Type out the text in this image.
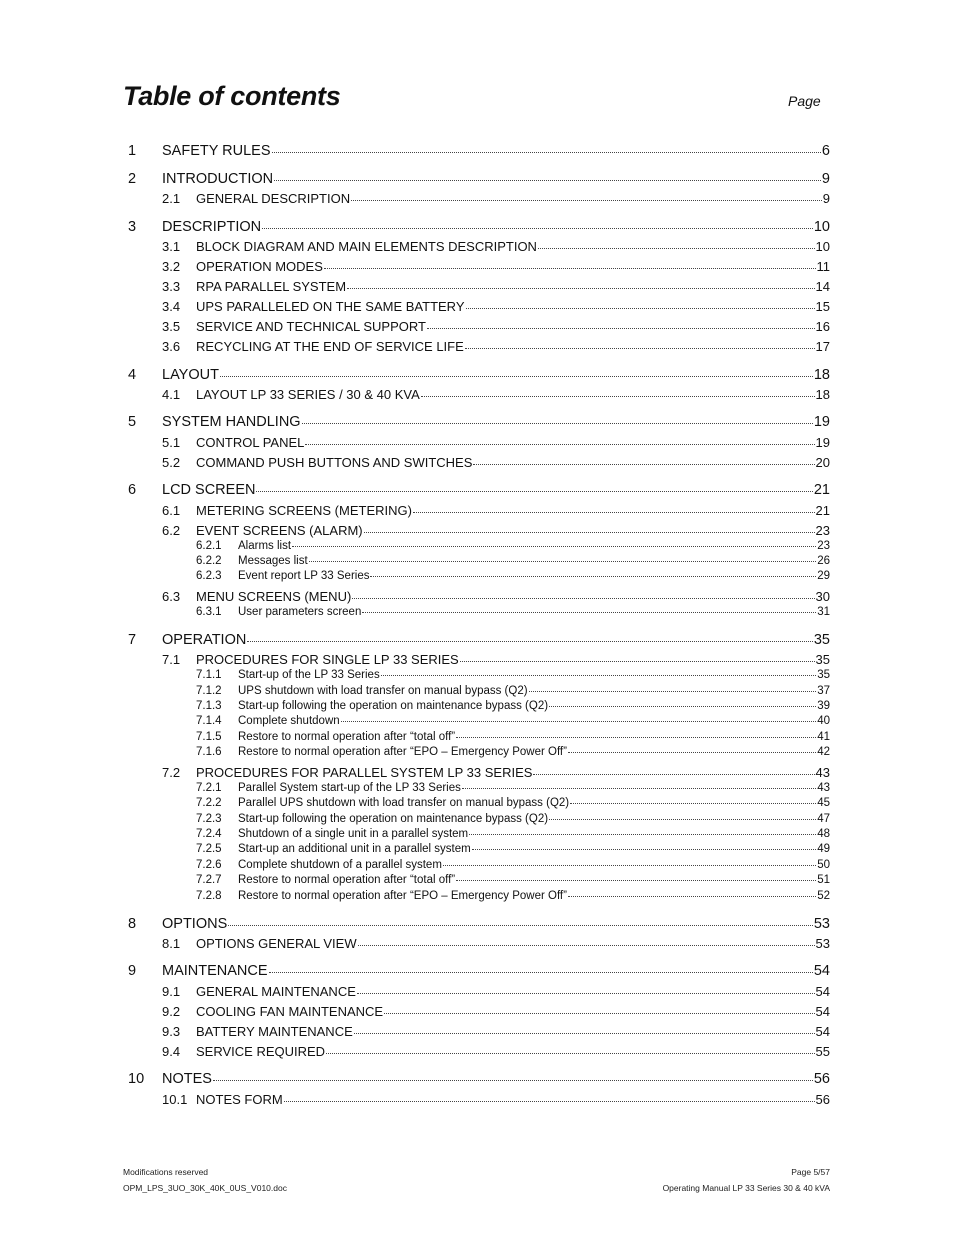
Table of contents	Page
1	SAFETY RULES	6
2	INTRODUCTION	9
2.1	GENERAL DESCRIPTION	9
3	DESCRIPTION	10
3.1	BLOCK DIAGRAM AND MAIN ELEMENTS DESCRIPTION	10
3.2	OPERATION MODES	11
3.3	RPA PARALLEL SYSTEM	14
3.4	UPS PARALLELED ON THE SAME BATTERY	15
3.5	SERVICE AND TECHNICAL SUPPORT	16
3.6	RECYCLING AT THE END OF SERVICE LIFE	17
4	LAYOUT	18
4.1	LAYOUT LP 33 SERIES / 30 & 40 KVA	18
5	SYSTEM HANDLING	19
5.1	CONTROL PANEL	19
5.2	COMMAND PUSH BUTTONS AND SWITCHES	20
6	LCD SCREEN	21
6.1	METERING SCREENS (METERING)	21
6.2	EVENT SCREENS (ALARM)	23
6.2.1	Alarms list	23
6.2.2	Messages list	26
6.2.3	Event report LP 33 Series	29
6.3	MENU SCREENS (MENU)	30
6.3.1	User parameters screen	31
7	OPERATION	35
7.1	PROCEDURES FOR SINGLE LP 33 SERIES	35
7.1.1	Start-up of the LP 33 Series	35
7.1.2	UPS shutdown with load transfer on manual bypass (Q2)	37
7.1.3	Start-up following the operation on maintenance bypass (Q2)	39
7.1.4	Complete shutdown	40
7.1.5	Restore to normal operation after “total off”	41
7.1.6	Restore to normal operation after “EPO – Emergency Power Off”	42
7.2	PROCEDURES FOR PARALLEL SYSTEM LP 33 SERIES	43
7.2.1	Parallel System start-up of the LP 33 Series	43
7.2.2	Parallel UPS shutdown with load transfer on manual bypass (Q2)	45
7.2.3	Start-up following the operation on maintenance bypass (Q2)	47
7.2.4	Shutdown of a single unit in a parallel system	48
7.2.5	Start-up an additional unit in a parallel system	49
7.2.6	Complete shutdown of a parallel system	50
7.2.7	Restore to normal operation after “total off”	51
7.2.8	Restore to normal operation after “EPO – Emergency Power Off”	52
8	OPTIONS	53
8.1	OPTIONS GENERAL VIEW	53
9	MAINTENANCE	54
9.1	GENERAL MAINTENANCE	54
9.2	COOLING FAN MAINTENANCE	54
9.3	BATTERY MAINTENANCE	54
9.4	SERVICE REQUIRED	55
10	NOTES	56
10.1 NOTES FORM	56
Modifications reserved
OPM_LPS_3UO_30K_40K_0US_V010.doc
Page 5/57
Operating Manual LP 33 Series 30 & 40 kVA
